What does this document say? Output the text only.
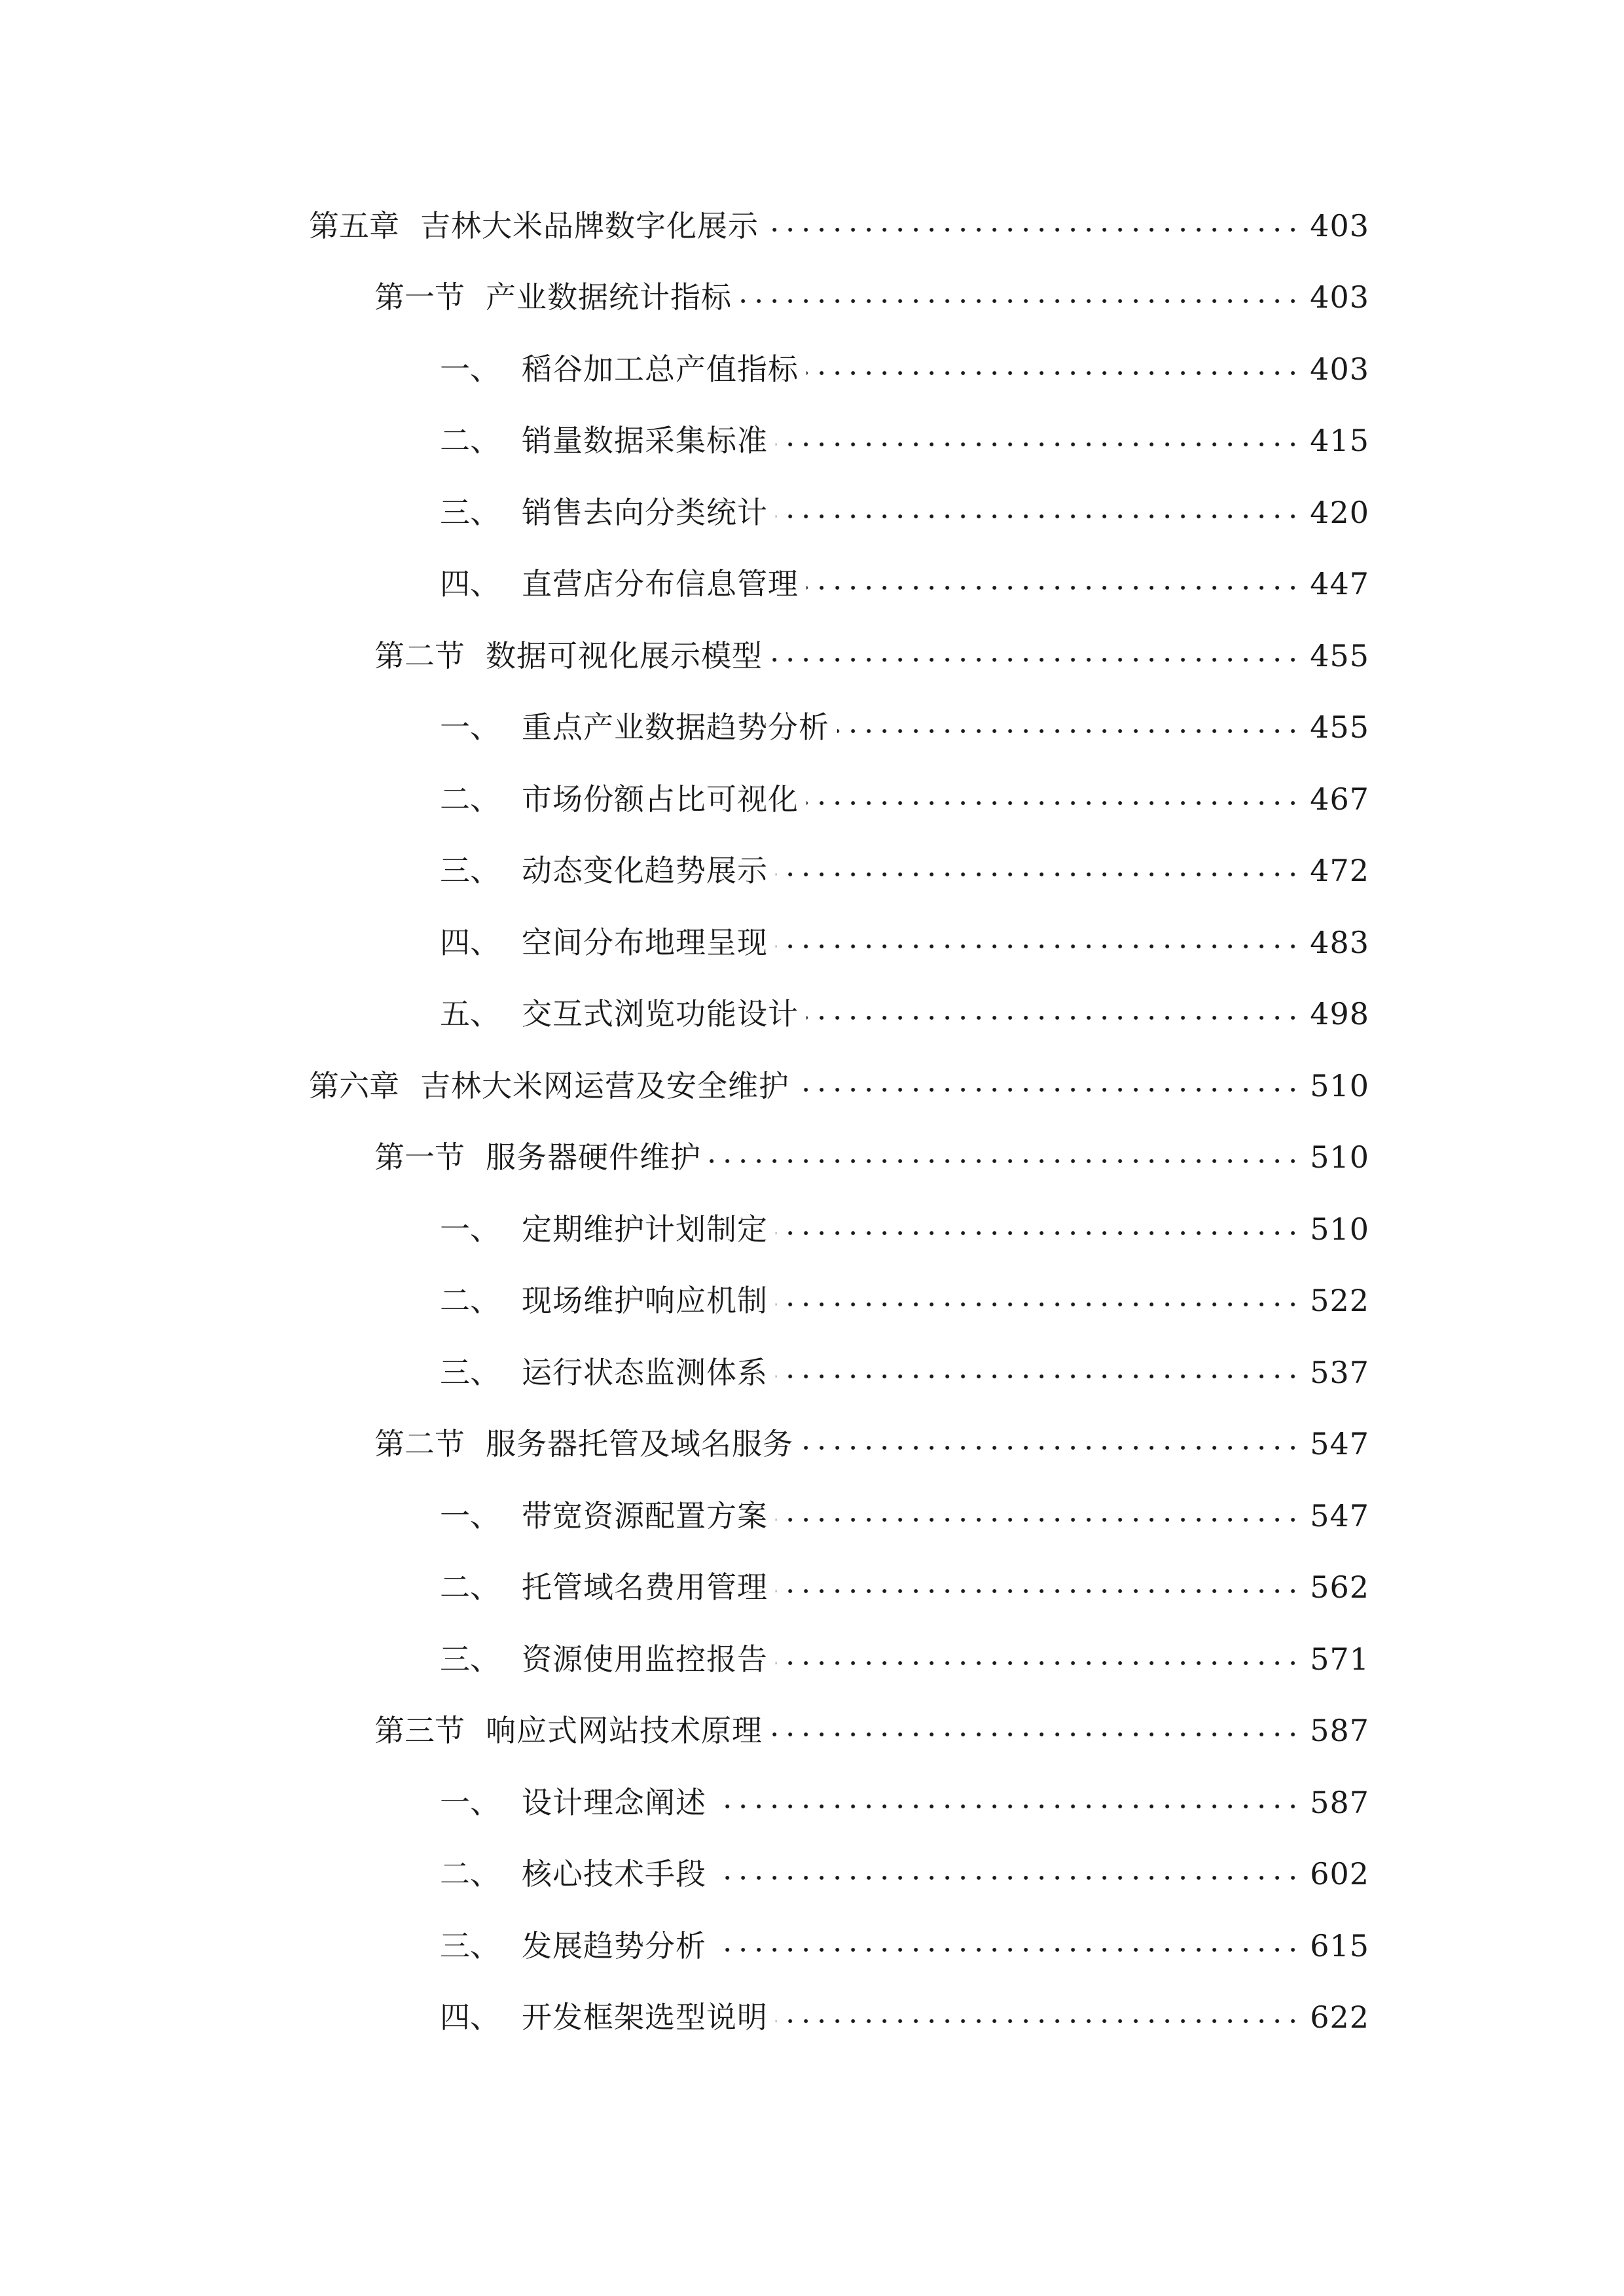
第五章 吉林大米品牌数字化展示	403
第一节 产业数据统计指标	403
一、 稻谷加工总产值指标	403
二、 销量数据采集标准	415
三、 销售去向分类统计	420
四、 直营店分布信息管理	447
第二节 数据可视化展示模型	455
一、 重点产业数据趋势分析	455
二、 市场份额占比可视化	467
三、 动态变化趋势展示	472
四、 空间分布地理呈现	483
五、 交互式浏览功能设计	498
第六章 吉林大米网运营及安全维护	510
第一节 服务器硬件维护	510
一、 定期维护计划制定	510
二、 现场维护响应机制	522
三、 运行状态监测体系	537
第二节 服务器托管及域名服务	547
一、 带宽资源配置方案	547
二、 托管域名费用管理	562
三、 资源使用监控报告	571
第三节 响应式网站技术原理	587
一、 设计理念阐述	587
二、 核心技术手段	602
三、 发展趋势分析	615
四、 开发框架选型说明	622
